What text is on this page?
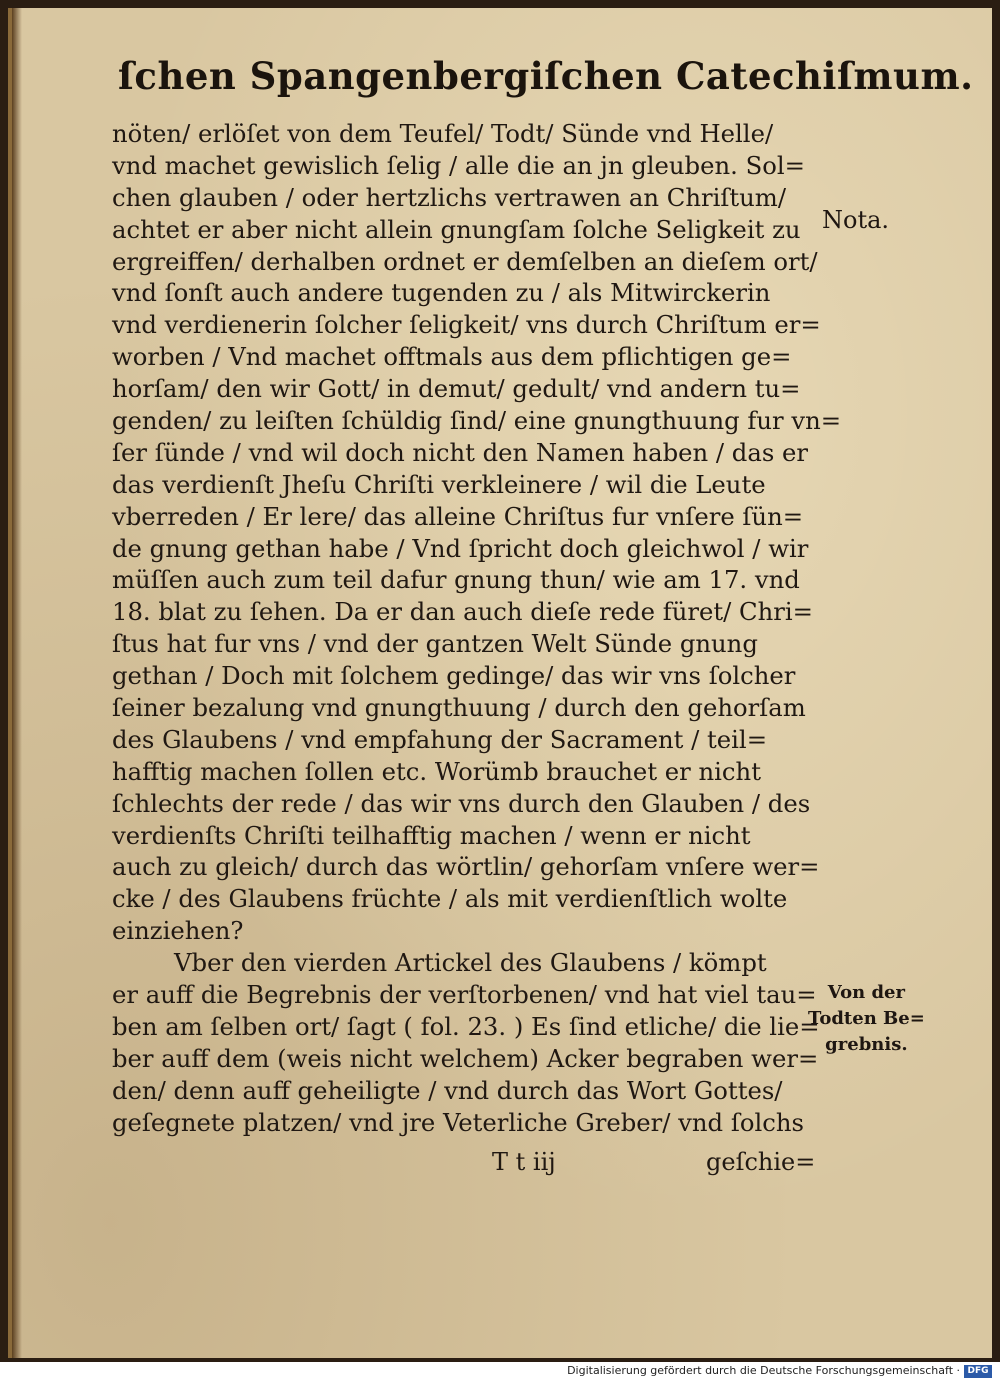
ſchen Spangenbergiſchen Catechiſmum.
nöten/ erlöſet von dem Teufel/ Todt/ Sünde vnd Helle/
vnd machet gewislich ſelig / alle die an jn gleuben. Sol=
chen glauben / oder hertzlichs vertrawen an Chriſtum/
achtet er aber nicht allein gnungſam ſolche Seligkeit zu
ergreiffen/ derhalben ordnet er demſelben an dieſem ort/
vnd ſonſt auch andere tugenden zu / als Mitwirckerin
vnd verdienerin ſolcher ſeligkeit/ vns durch Chriſtum er=
worben / Vnd machet offtmals aus dem pflichtigen ge=
horſam/ den wir Gott/ in demut/ gedult/ vnd andern tu=
genden/ zu leiſten ſchüldig ſind/ eine gnungthuung fur vn=
ſer ſünde / vnd wil doch nicht den Namen haben / das er
das verdienſt Jheſu Chriſti verkleinere / wil die Leute
vberreden / Er lere/ das alleine Chriſtus fur vnſere ſün=
de gnung gethan habe / Vnd ſpricht doch gleichwol / wir
müſſen auch zum teil dafur gnung thun/ wie am 17. vnd
18. blat zu ſehen. Da er dan auch dieſe rede füret/ Chri=
ſtus hat fur vns / vnd der gantzen Welt Sünde gnung
gethan / Doch mit ſolchem gedinge/ das wir vns ſolcher
ſeiner bezalung vnd gnungthuung / durch den gehorſam
des Glaubens / vnd empfahung der Sacrament / teil=
hafftig machen ſollen etc. Worümb brauchet er nicht
ſchlechts der rede / das wir vns durch den Glauben / des
verdienſts Chriſti teilhafftig machen / wenn er nicht
auch zu gleich/ durch das wörtlin/ gehorſam vnſere wer=
cke / des Glaubens früchte / als mit verdienſtlich wolte
einziehen?
Vber den vierden Artickel des Glaubens / kömpt
er auff die Begrebnis der verſtorbenen/ vnd hat viel tau=
ben am ſelben ort/ ſagt ( fol. 23. ) Es ſind etliche/ die lie=
ber auff dem (weis nicht welchem) Acker begraben wer=
den/ denn auff geheiligte / vnd durch das Wort Gottes/
geſegnete platzen/ vnd jre Veterliche Greber/ vnd ſolchs
Nota.
Von der
Todten Be=
grebnis.
T t iij	geſchie=
Digitalisierung gefördert durch die Deutsche Forschungsgemeinschaft · DFG
